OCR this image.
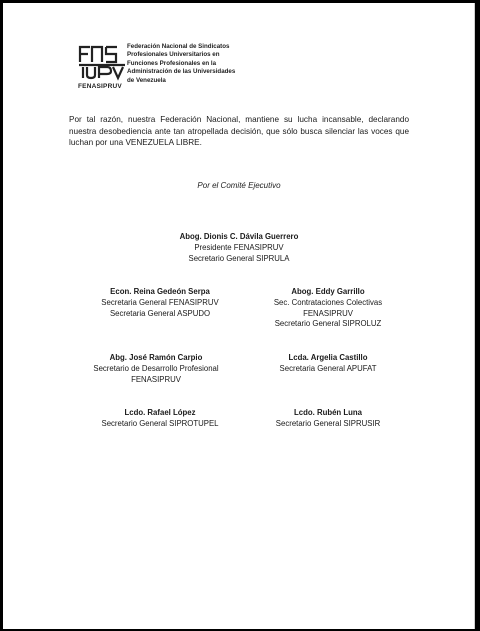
FENASIPRUV
Federación Nacional de Sindicatos
Profesionales Universitarios en
Funciones Profesionales en la
Administración de las Universidades
de Venezuela
Por tal razón, nuestra Federación Nacional, mantiene su lucha incansable, declarando nuestra desobediencia ante tan atropellada decisión, que sólo busca silenciar las voces que luchan por una VENEZUELA LIBRE.
Por el Comité Ejecutivo
Abog. Dionis C. Dávila Guerrero
Presidente FENASIPRUV
Secretario General SIPRULA
Econ. Reina Gedeón Serpa
Secretaria General FENASIPRUV
Secretaria General ASPUDO
Abog. Eddy Garrillo
Sec. Contrataciones Colectivas
FENASIPRUV
Secretario General SIPROLUZ
Abg. José Ramón Carpio
Secretario de Desarrollo Profesional
FENASIPRUV
Lcda. Argelia Castillo
Secretaria General APUFAT
Lcdo. Rafael López
Secretario General SIPROTUPEL
Lcdo. Rubén Luna
Secretario General SIPRUSIR
